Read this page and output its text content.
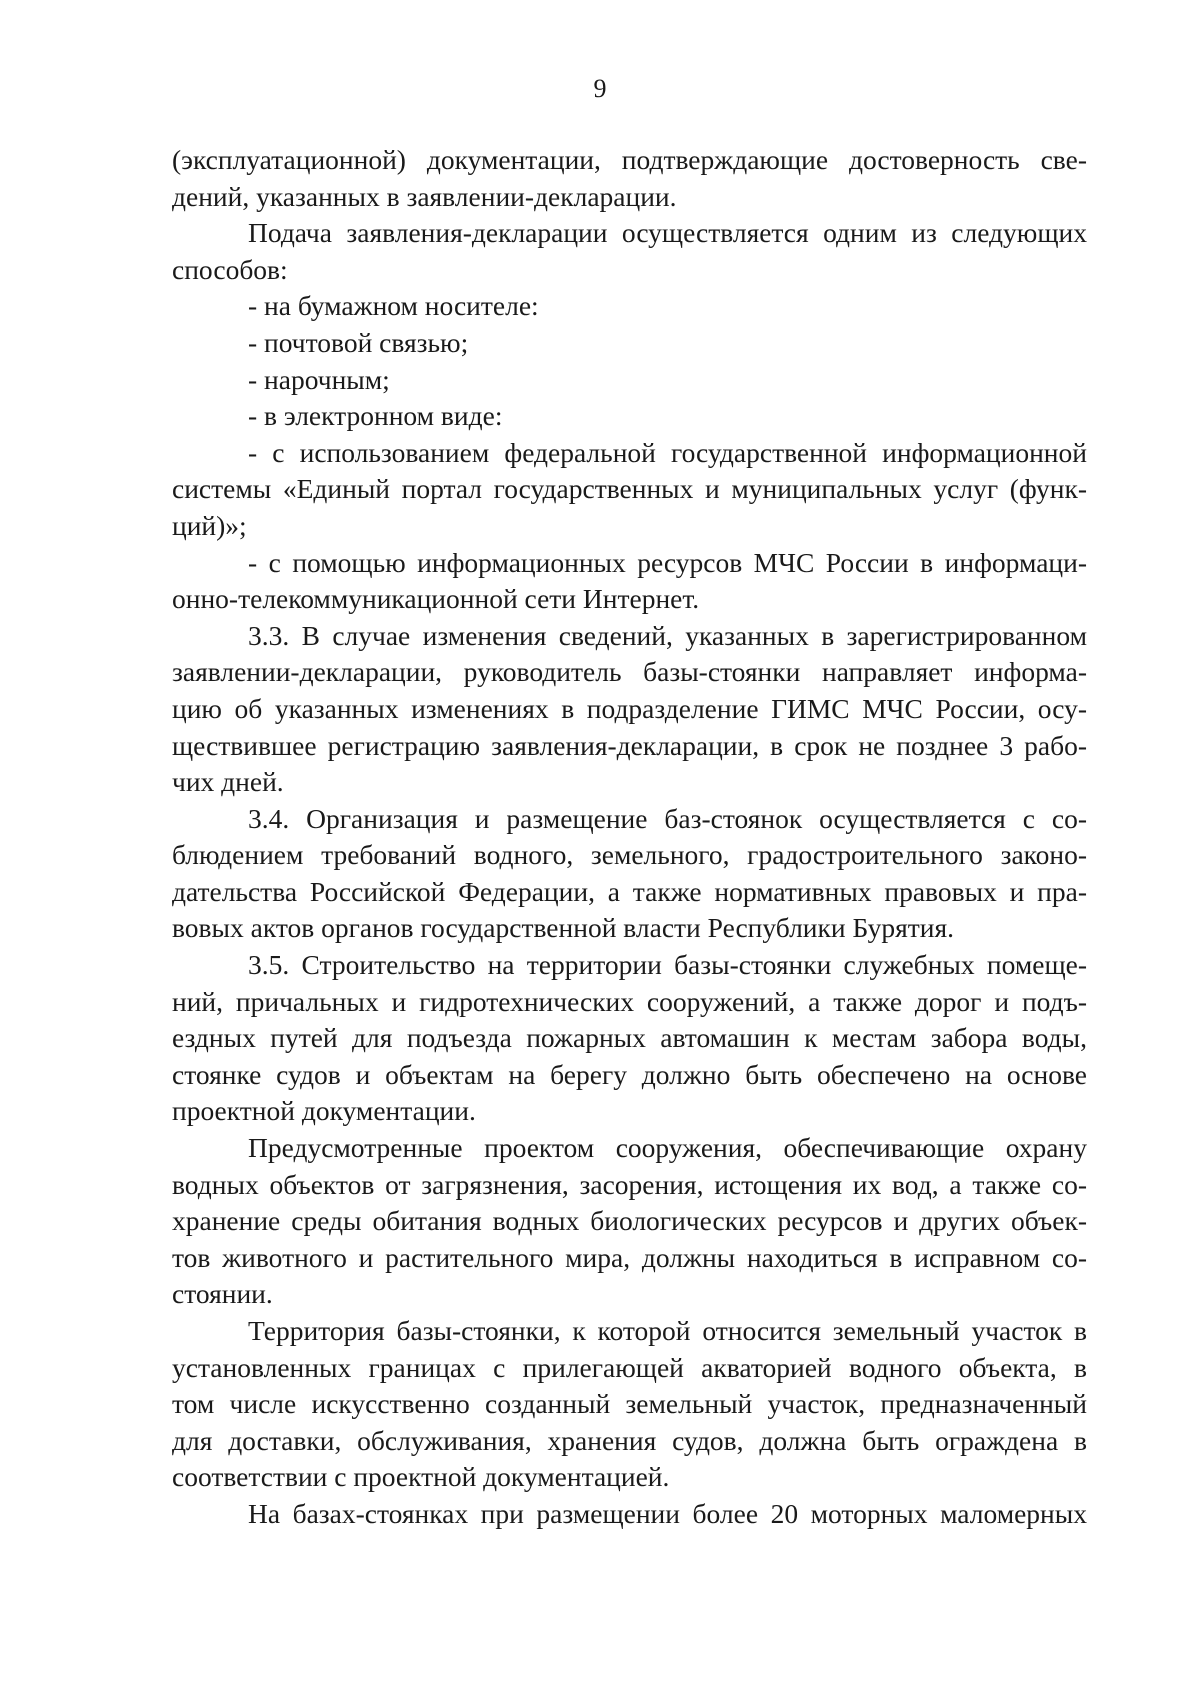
9
(эксплуатационной) документации, подтверждающие достоверность све-
дений, указанных в заявлении-декларации.
Подача заявления-декларации осуществляется одним из следующих
способов:
- на бумажном носителе:
- почтовой связью;
- нарочным;
- в электронном виде:
- с использованием федеральной государственной информационной
системы «Единый портал государственных и муниципальных услуг (функ-
ций)»;
- с помощью информационных ресурсов МЧС России в информаци-
онно-телекоммуникационной сети Интернет.
3.3. В случае изменения сведений, указанных в зарегистрированном
заявлении-декларации, руководитель базы-стоянки направляет информа-
цию об указанных изменениях в подразделение ГИМС МЧС России, осу-
ществившее регистрацию заявления-декларации, в срок не позднее 3 рабо-
чих дней.
3.4. Организация и размещение баз-стоянок осуществляется с со-
блюдением требований водного, земельного, градостроительного законо-
дательства Российской Федерации, а также нормативных правовых и пра-
вовых актов органов государственной власти Республики Бурятия.
3.5. Строительство на территории базы-стоянки служебных помеще-
ний, причальных и гидротехнических сооружений, а также дорог и подъ-
ездных путей для подъезда пожарных автомашин к местам забора воды,
стоянке судов и объектам на берегу должно быть обеспечено на основе
проектной документации.
Предусмотренные проектом сооружения, обеспечивающие охрану
водных объектов от загрязнения, засорения, истощения их вод, а также со-
хранение среды обитания водных биологических ресурсов и других объек-
тов животного и растительного мира, должны находиться в исправном со-
стоянии.
Территория базы-стоянки, к которой относится земельный участок в
установленных границах с прилегающей акваторией водного объекта, в
том числе искусственно созданный земельный участок, предназначенный
для доставки, обслуживания, хранения судов, должна быть ограждена в
соответствии с проектной документацией.
На базах-стоянках при размещении более 20 моторных маломерных
